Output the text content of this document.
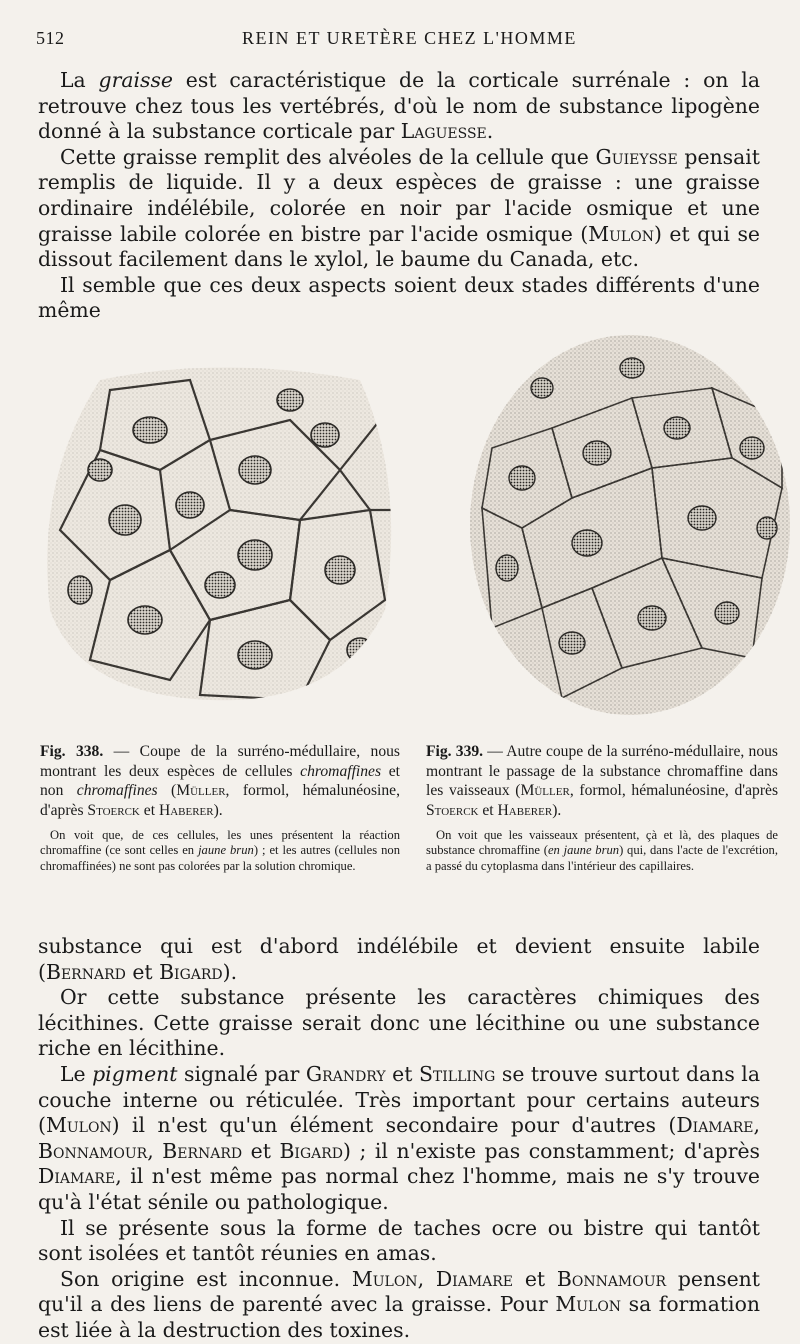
512	REIN ET URETÈRE CHEZ L'HOMME

La graisse est caractéristique de la corticale surrénale : on la retrouve chez tous les vertébrés, d'où le nom de substance lipogène donné à la substance corticale par Laguesse.

Cette graisse remplit des alvéoles de la cellule que Guieysse pensait remplis de liquide. Il y a deux espèces de graisse : une graisse ordinaire indélébile, colorée en noir par l'acide osmique et une graisse labile colorée en bistre par l'acide osmique (Mulon) et qui se dissout facilement dans le xylol, le baume du Canada, etc.

Il semble que ces deux aspects soient deux stades différents d'une même

Fig. 338. — Coupe de la surréno-médullaire, nous montrant les deux espèces de cellules chromaffines et non chromaffines (Müller, formol, hémalunéosine, d'après Stoerck et Haberer).

On voit que, de ces cellules, les unes présentent la réaction chromaffine (ce sont celles en jaune brun) ; et les autres (cellules non chromaffinées) ne sont pas colorées par la solution chromique.

Fig. 339. — Autre coupe de la surréno-médullaire, nous montrant le passage de la substance chromaffine dans les vaisseaux (Müller, formol, hémalunéosine, d'après Stoerck et Haberer).

On voit que les vaisseaux présentent, çà et là, des plaques de substance chromaffine (en jaune brun) qui, dans l'acte de l'excrétion, a passé du cytoplasma dans l'intérieur des capillaires.

substance qui est d'abord indélébile et devient ensuite labile (Bernard et Bigard).

Or cette substance présente les caractères chimiques des lécithines. Cette graisse serait donc une lécithine ou une substance riche en lécithine.

Le pigment signalé par Grandry et Stilling se trouve surtout dans la couche interne ou réticulée. Très important pour certains auteurs (Mulon) il n'est qu'un élément secondaire pour d'autres (Diamare, Bonnamour, Bernard et Bigard) ; il n'existe pas constamment; d'après Diamare, il n'est même pas normal chez l'homme, mais ne s'y trouve qu'à l'état sénile ou pathologique.

Il se présente sous la forme de taches ocre ou bistre qui tantôt sont isolées et tantôt réunies en amas.

Son origine est inconnue. Mulon, Diamare et Bonnamour pensent qu'il a des liens de parenté avec la graisse. Pour Mulon sa formation est liée à la destruction des toxines.
